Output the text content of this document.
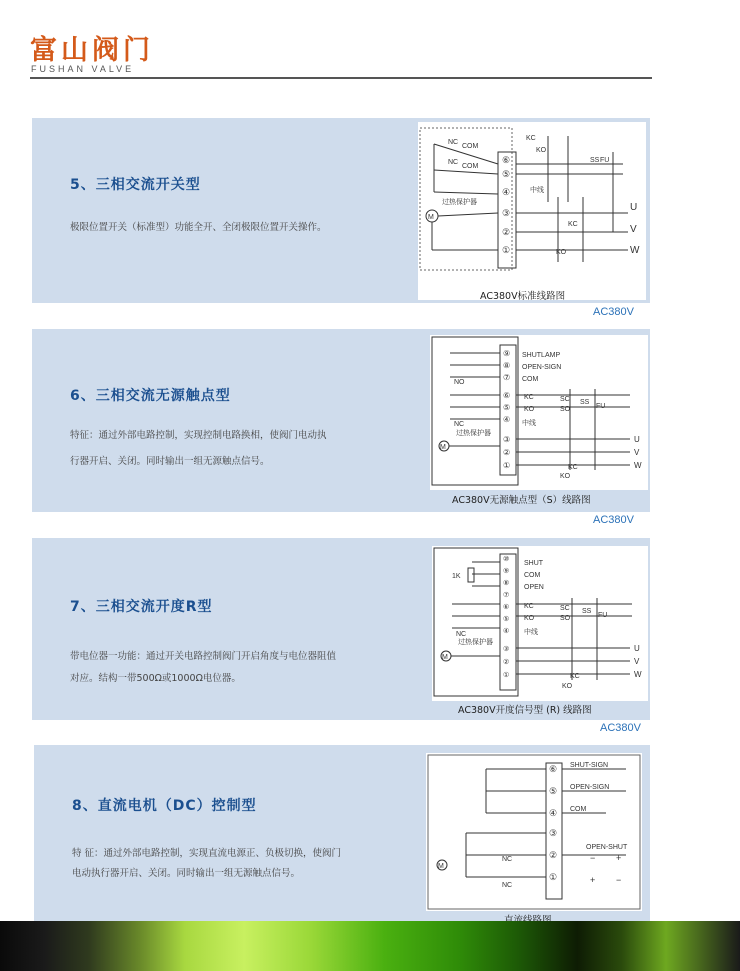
富山阀门
FUSHAN VALVE
5、三相交流开关型
极限位置开关（标准型）功能全开、全闭极限位置开关操作。
NC
COM
NC
COM
KC
KO
SS FU
中线
过热保护器
M
KC
KO
U
V
W
⑥
⑤
④
③
②
①
AC380V标准线路图
AC380V
6、三相交流无源触点型
特征：通过外部电路控制，实现控制电路换相，使阀门电动执
行器开启、关闭。同时输出一组无源触点信号。
SHUTLAMP
OPEN-SIGN
COM
NO
NC
KC
KO
SC
SO
SS
FU
中线
过热保护器
M
KC
KO
U
V
W
⑨
⑧
⑦
⑥
⑤
④
③
②
①
AC380V无源触点型（S）线路图
AC380V
7、三相交流开度R型
带电位器一功能：通过开关电路控制阀门开启角度与电位器阻值
对应。结构一带500Ω或1000Ω电位器。
SHUT
COM
OPEN
1K
NC
KC
KO
SC
SO
SS
FU
中线
过热保护器
M
KC
KO
U
V
W
⑩
⑨
⑧
⑦
⑥
⑤
④
③
②
①
AC380V开度信号型 (R) 线路图
AC380V
8、直流电机（DC）控制型
特 征：通过外部电路控制，实现直流电源正、负极切换，使阀门
电动执行器开启、关闭。同时输出一组无源触点信号。
SHUT-SIGN
OPEN-SIGN
COM
OPEN-SHUT
NC
NC
− +
+ −
M
⑥
⑤
④
③
②
①
